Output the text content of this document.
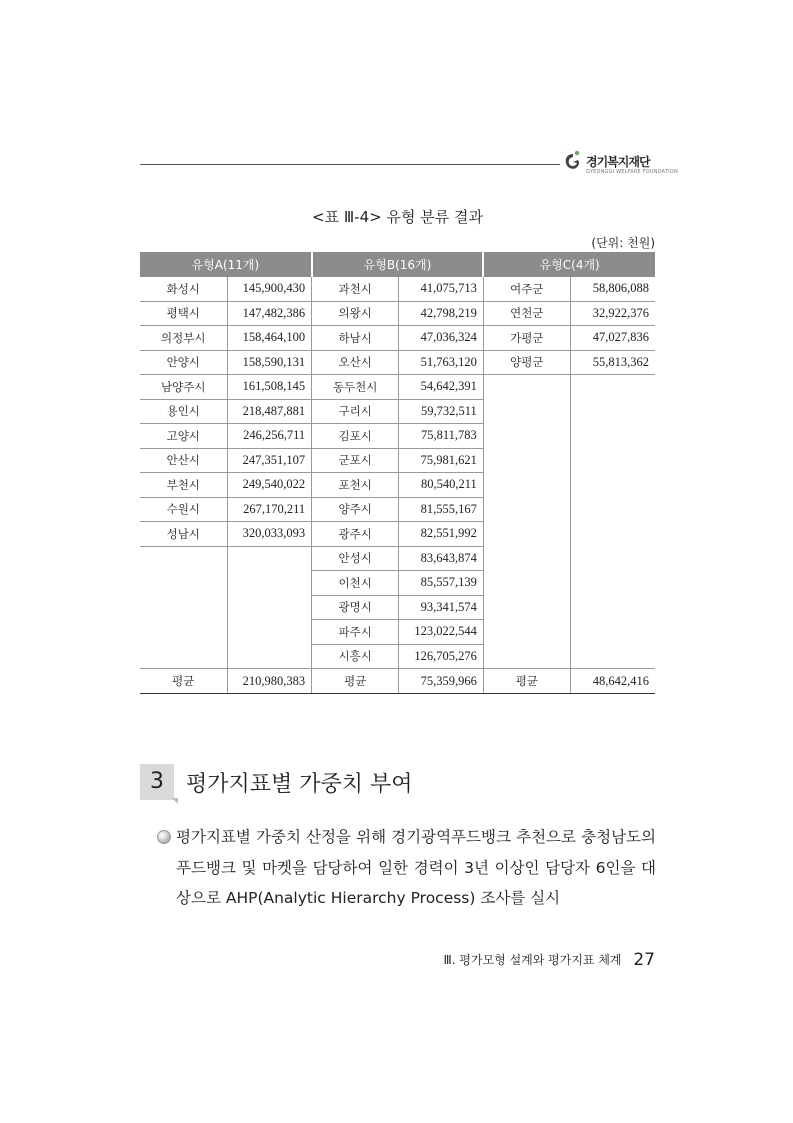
경기복지재단
GYEONGGI WELFARE FOUNDATION
<표 Ⅲ-4> 유형 분류 결과
(단위: 천원)
유형A(11개)		유형B(16개)		유형C(4개)	
화성시	145,900,430	과천시	41,075,713	여주군	58,806,088
평택시	147,482,386	의왕시	42,798,219	연천군	32,922,376
의정부시	158,464,100	하남시	47,036,324	가평군	47,027,836
안양시	158,590,131	오산시	51,763,120	양평군	55,813,362
남양주시	161,508,145	동두천시	54,642,391		
용인시	218,487,881	구리시	59,732,511		
고양시	246,256,711	김포시	75,811,783		
안산시	247,351,107	군포시	75,981,621		
부천시	249,540,022	포천시	80,540,211		
수원시	267,170,211	양주시	81,555,167		
성남시	320,033,093	광주시	82,551,992		
		안성시	83,643,874		
		이천시	85,557,139		
		광명시	93,341,574		
		파주시	123,022,544		
		시흥시	126,705,276		
평균	210,980,383	평균	75,359,966	평균	48,642,416
3	평가지표별 가중치 부여
평가지표별 가중치 산정을 위해 경기광역푸드뱅크 추천으로 충청남도의 푸드뱅크 및 마켓을 담당하여 일한 경력이 3년 이상인 담당자 6인을 대상으로 AHP(Analytic Hierarchy Process) 조사를 실시
Ⅲ. 평가모형 설계와 평가지표 체계 27
